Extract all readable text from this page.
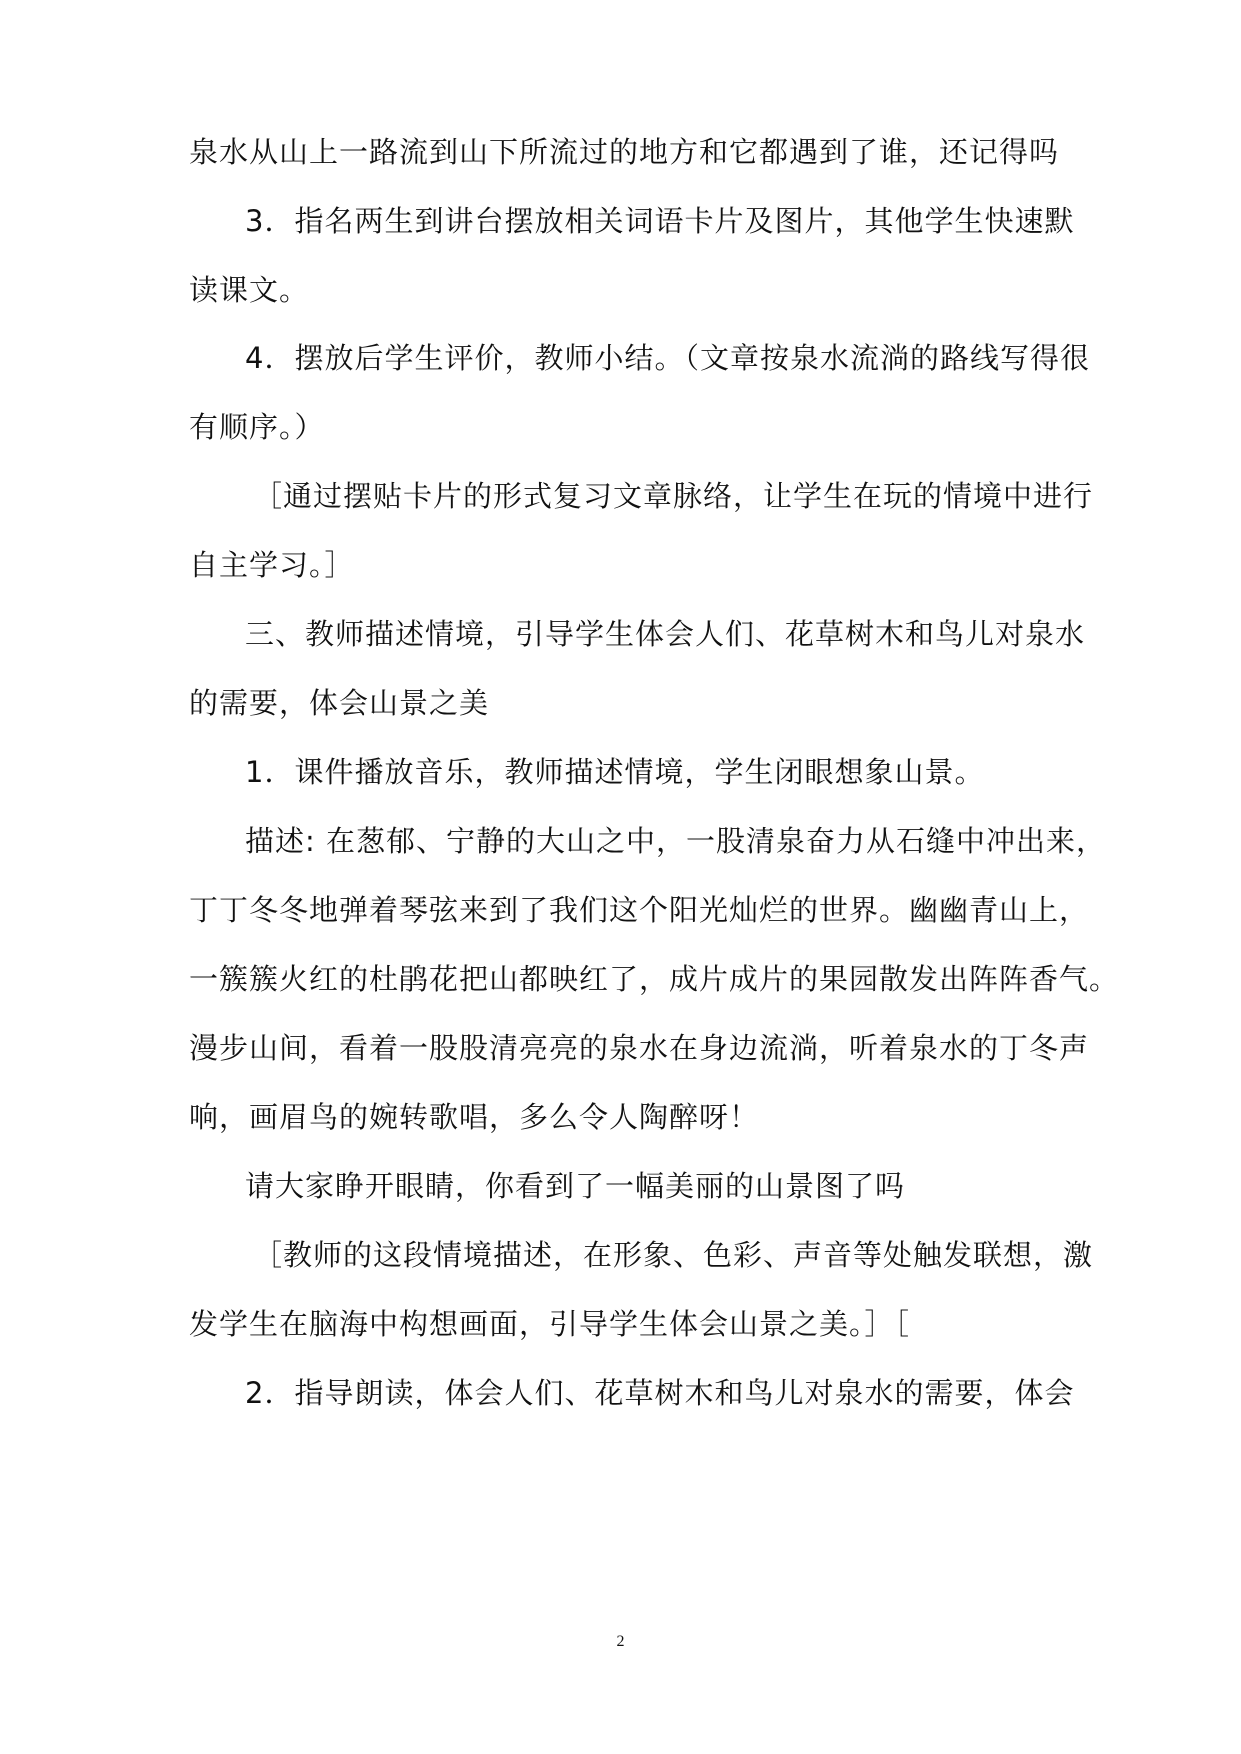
泉水从山上一路流到山下所流过的地方和它都遇到了谁，还记得吗
3．指名两生到讲台摆放相关词语卡片及图片，其他学生快速默
读课文。
4．摆放后学生评价，教师小结。（文章按泉水流淌的路线写得很
有顺序。）
［通过摆贴卡片的形式复习文章脉络，让学生在玩的情境中进行
自主学习。］
三、教师描述情境，引导学生体会人们、花草树木和鸟儿对泉水
的需要，体会山景之美
1．课件播放音乐，教师描述情境，学生闭眼想象山景。
描述: 在葱郁、宁静的大山之中，一股清泉奋力从石缝中冲出来，
丁丁冬冬地弹着琴弦来到了我们这个阳光灿烂的世界。幽幽青山上，
一簇簇火红的杜鹃花把山都映红了，成片成片的果园散发出阵阵香气。
漫步山间，看着一股股清亮亮的泉水在身边流淌，听着泉水的丁冬声
响，画眉鸟的婉转歌唱，多么令人陶醉呀！
请大家睁开眼睛，你看到了一幅美丽的山景图了吗
［教师的这段情境描述，在形象、色彩、声音等处触发联想，激
发学生在脑海中构想画面，引导学生体会山景之美。］［
2．指导朗读，体会人们、花草树木和鸟儿对泉水的需要，体会
2
